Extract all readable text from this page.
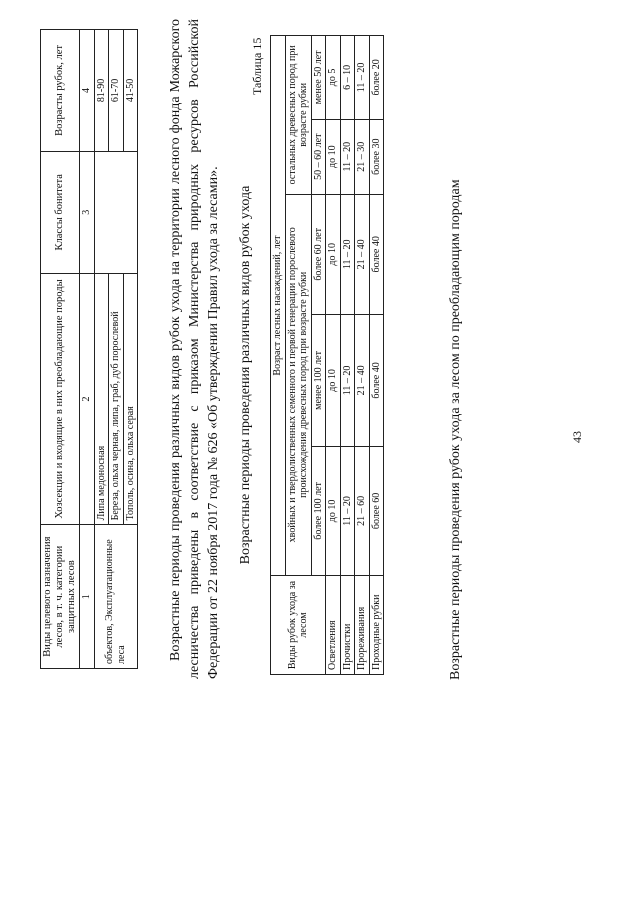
Виды целевого назначения лесов, в т. ч. категории защитных лесов	Хозсекции и входящие в них преобладающие породы	Классы бонитета	Возрасты рубок, лет
1	2	3	4
объектов, Эксплуатационные леса	Липа медоносная		81-90
	Береза, ольха черная, липа, граб, дуб порослевой		61-70
	Тополь, осина, ольха серая		41-50 Возрастные периоды проведения различных видов рубок ухода на территории лесного фонда Можарского лесничества приведены в соответствие с приказом Министерства природных ресурсов Российской Федерации от 22 ноября 2017 года № 626 «Об утверждении Правил ухода за лесами». Возрастные периоды проведения различных видов рубок ухода
Таблица 15
Виды рубок ухода за лесом	Возраст лесных насаждений, лет				
	хвойных и твердолиственных семенного и первой генерации порослевого происхождения древесных пород при возрасте рубки			остальных древесных пород при возрасте рубки	
	более 100 лет	менее 100 лет	более 60 лет	50 – 60 лет	менее 50 лет
Осветления	до 10	до 10	до 10	до 10	до 5
Прочистки	11 – 20	11 – 20	11 – 20	11 – 20	6 – 10
Прореживания	21 – 60	21 – 40	21 – 40	21 – 30	11 – 20
Проходные рубки	более 60	более 40	более 40	более 30	более 20
Возрастные периоды проведения рубок ухода за лесом по преобладающим породам	43
